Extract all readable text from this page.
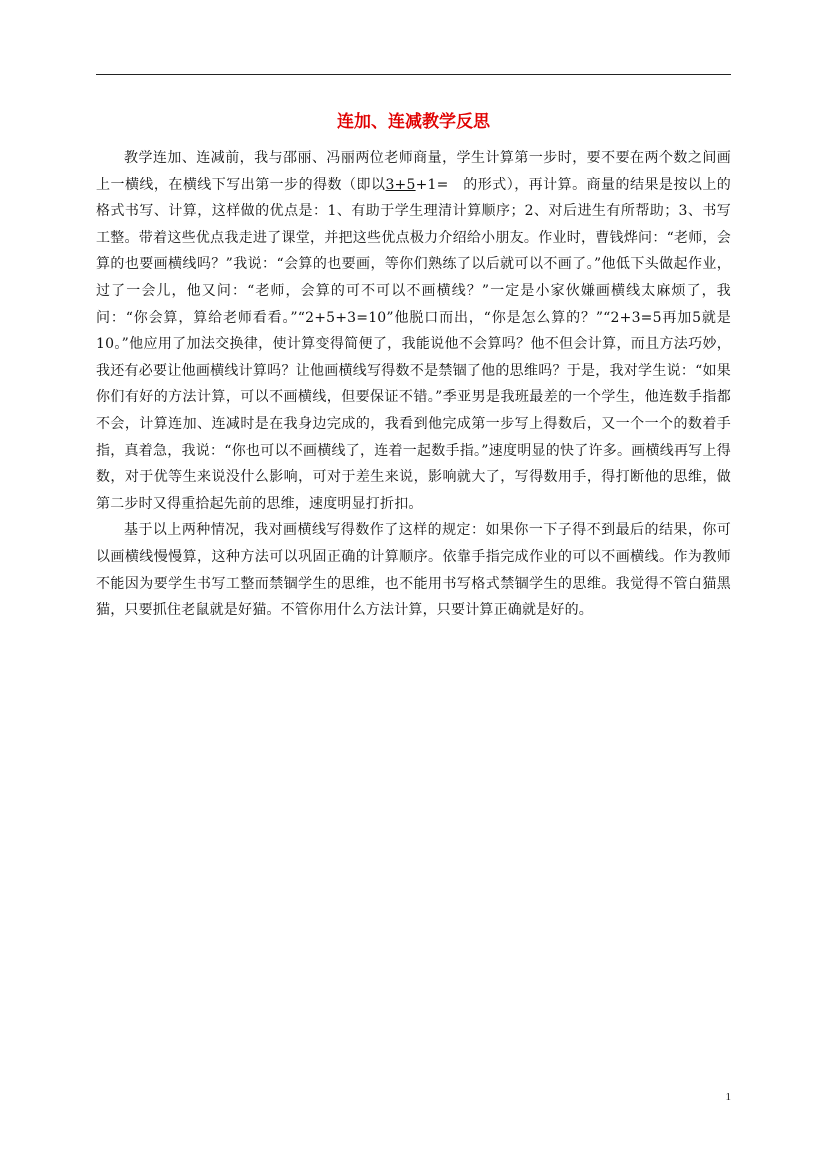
连加、连减教学反思

教学连加、连减前，我与邵丽、冯丽两位老师商量，学生计算第一步时，要不要在两个数之间画上一横线，在横线下写出第一步的得数（即以3+5+1=　的形式），再计算。商量的结果是按以上的格式书写、计算，这样做的优点是：1、有助于学生理清计算顺序；2、对后进生有所帮助；3、书写工整。带着这些优点我走进了课堂，并把这些优点极力介绍给小朋友。作业时，曹钱烨问：“老师，会算的也要画横线吗？”我说：“会算的也要画，等你们熟练了以后就可以不画了。”他低下头做起作业，过了一会儿，他又问：“老师，会算的可不可以不画横线？”一定是小家伙嫌画横线太麻烦了，我问：“你会算，算给老师看看。”“2+5+3=10”他脱口而出，“你是怎么算的？”“2+3=5再加5就是10。”他应用了加法交换律，使计算变得简便了，我能说他不会算吗？他不但会计算，而且方法巧妙，我还有必要让他画横线计算吗？让他画横线写得数不是禁锢了他的思维吗？于是，我对学生说：“如果你们有好的方法计算，可以不画横线，但要保证不错。”季亚男是我班最差的一个学生，他连数手指都不会，计算连加、连减时是在我身边完成的，我看到他完成第一步写上得数后，又一个一个的数着手指，真着急，我说：“你也可以不画横线了，连着一起数手指。”速度明显的快了许多。画横线再写上得数，对于优等生来说没什么影响，可对于差生来说，影响就大了，写得数用手，得打断他的思维，做第二步时又得重拾起先前的思维，速度明显打折扣。

基于以上两种情况，我对画横线写得数作了这样的规定：如果你一下子得不到最后的结果，你可以画横线慢慢算，这种方法可以巩固正确的计算顺序。依靠手指完成作业的可以不画横线。作为教师不能因为要学生书写工整而禁锢学生的思维，也不能用书写格式禁锢学生的思维。我觉得不管白猫黑猫，只要抓住老鼠就是好猫。不管你用什么方法计算，只要计算正确就是好的。

1
